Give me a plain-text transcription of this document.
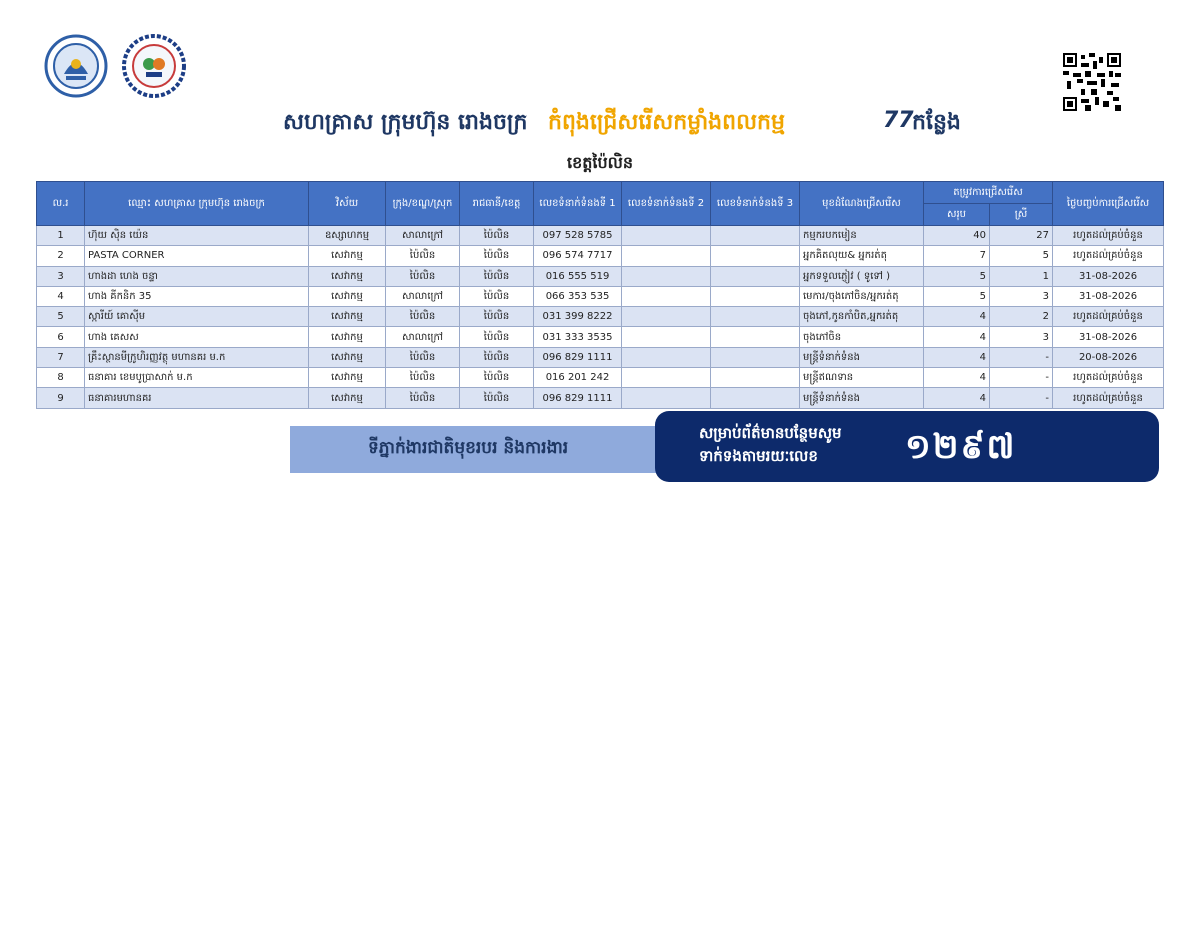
សហគ្រាស ក្រុមហ៊ុន រោងចក្រ កំពុងជ្រើសរើសកម្លាំងពលកម្ម	77
កន្លែង
ខេត្តប៉ៃលិន
ល.រ	ឈ្មោះ សហគ្រាស ក្រុមហ៊ុន រោងចក្រ	វិស័យ	ក្រុង/ខណ្ឌ/ស្រុក	រាជធានី/ខេត្ត	លេខទំនាក់ទំនងទី 1	លេខទំនាក់ទំនងទី 2	លេខទំនាក់ទំនងទី 3	មុខដំណែងជ្រើសរើស	តម្រូវការជ្រើសរើស		ថ្ងៃបញ្ចប់ការជ្រើសរើស
									សរុប	ស្រី	
1	ហ៊ុយ ស៊ិន យ៉េន	ឧស្សាហកម្ម	សាលាក្រៅ	ប៉ៃលិន	097 528 5785			កម្មករបកមៀន	40	27	រហូតដល់គ្រប់ចំនួន
2	PASTA CORNER	សេវាកម្ម	ប៉ៃលិន	ប៉ៃលិន	096 574 7717			អ្នកគិតលុយ& អ្នករត់តុ	7	5	រហូតដល់គ្រប់ចំនួន
3	ហាងដា ហេង ចន្ទា	សេវាកម្ម	ប៉ៃលិន	ប៉ៃលិន	016 555 519			អ្នកទទួលភ្ញៀវ ( ទូទៅ )	5	1	31-08-2026
4	ហាង គីកនិក 35	សេវាកម្ម	សាលាក្រៅ	ប៉ៃលិន	066 353 535			មេការ/ចុងភៅចិន/អ្នករត់តុ	5	3	31-08-2026
5	ស្ការីយ៍ គោស៊ីម	សេវាកម្ម	ប៉ៃលិន	ប៉ៃលិន	031 399 8222			ចុងភៅ,កូនកាំបិត,អ្នករត់តុ	4	2	រហូតដល់គ្រប់ចំនួន
6	ហាង គេសស	សេវាកម្ម	សាលាក្រៅ	ប៉ៃលិន	031 333 3535			ចុងភៅចិន	4	3	31-08-2026
7	គ្រឹះស្ថានមីក្រូហិរញ្ញវត្ថុ មហានគរ ម.ក	សេវាកម្ម	ប៉ៃលិន	ប៉ៃលិន	096 829 1111			មន្ត្រីទំនាក់ទំនង	4	-	20-08-2026
8	ធនាគារ ខេមបូប្រាសាក់ ម.ក	សេវាកម្ម	ប៉ៃលិន	ប៉ៃលិន	016 201 242			មន្ត្រីឥណទាន	4	-	រហូតដល់គ្រប់ចំនួន
9	ធនាគារមហានគរ	សេវាកម្ម	ប៉ៃលិន	ប៉ៃលិន	096 829 1111			មន្ត្រីទំនាក់ទំនង	4	-	រហូតដល់គ្រប់ចំនួន
ទីភ្នាក់ងារជាតិមុខរបរ និងការងារ
សម្រាប់ព័ត៌មានបន្ថែមសូម
ទាក់ទងតាមរយៈលេខ	១២៩៧
